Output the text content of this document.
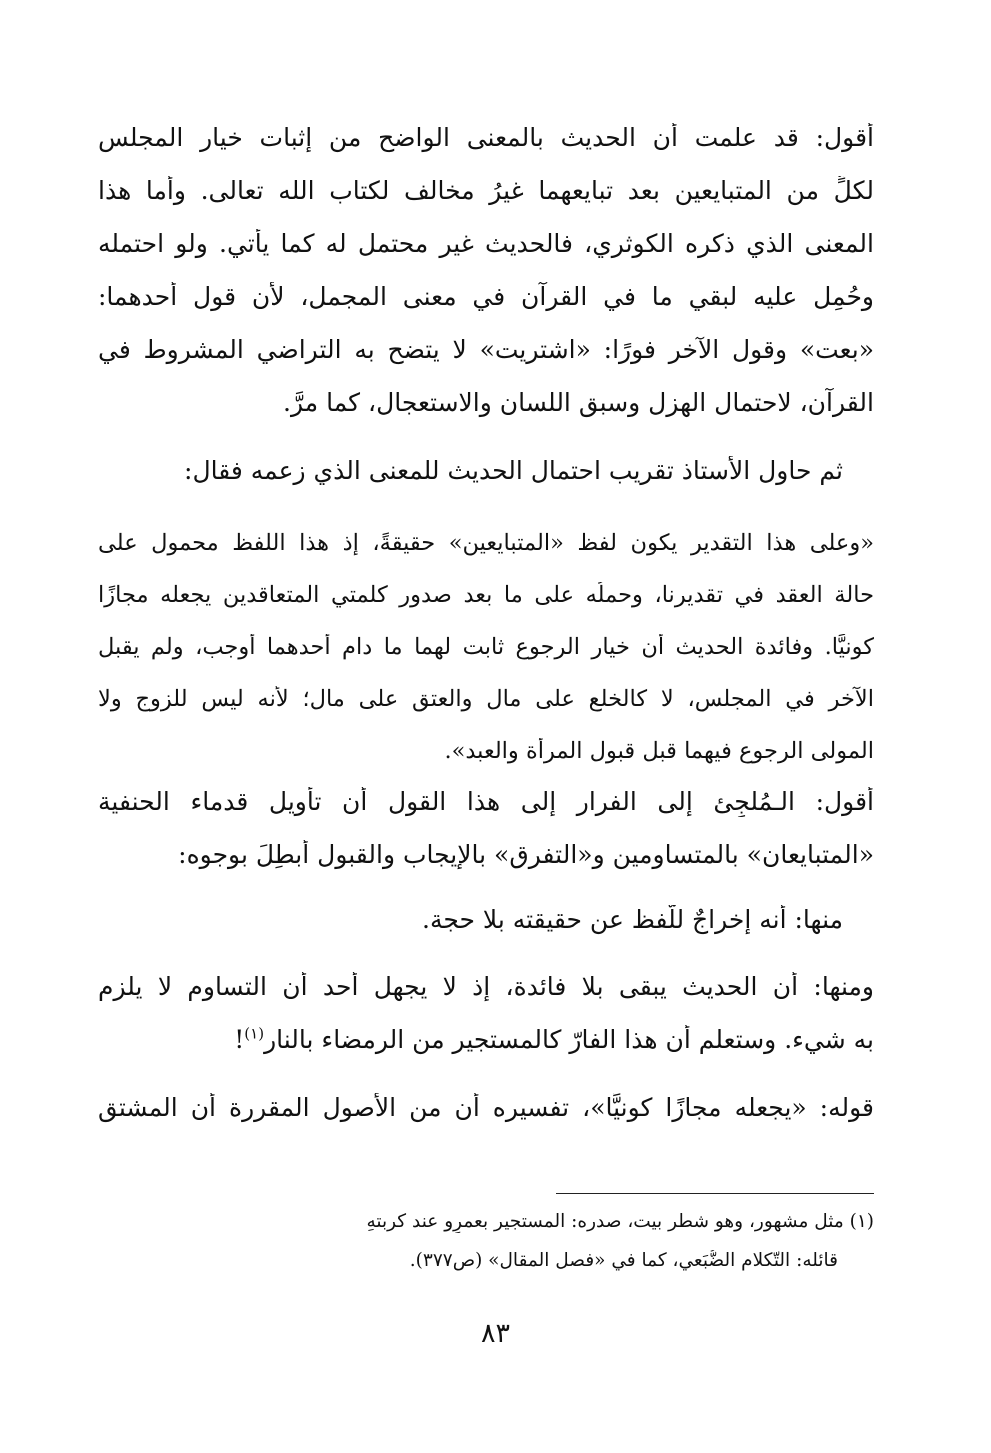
أقول: قد علمت أن الحديث بالمعنى الواضح من إثبات خيار المجلس
لكلٍّ من المتبايعين بعد تبايعهما غيرُ مخالف لكتاب الله تعالى. وأما هذا
المعنى الذي ذكره الكوثري، فالحديث غير محتمل له كما يأتي. ولو احتمله
وحُمِل عليه لبقي ما في القرآن في معنى المجمل، لأن قول أحدهما:
«بعت» وقول الآخر فورًا: «اشتريت» لا يتضح به التراضي المشروط في
القرآن، لاحتمال الهزل وسبق اللسان والاستعجال، كما مرَّ.
ثم حاول الأستاذ تقريب احتمال الحديث للمعنى الذي زعمه فقال:
«وعلى هذا التقدير يكون لفظ «المتبايعين» حقيقةً، إذ هذا اللفظ محمول على
حالة العقد في تقديرنا، وحملُه على ما بعد صدور كلمتي المتعاقدين يجعله مجازًا
كونيًّا. وفائدة الحديث أن خيار الرجوع ثابت لهما ما دام أحدهما أوجب، ولم يقبل
الآخر في المجلس، لا كالخلع على مال والعتق على مال؛ لأنه ليس للزوج ولا
المولى الرجوع فيهما قبل قبول المرأة والعبد».
أقول: الـمُلجِئ إلى الفرار إلى هذا القول أن تأويل قدماء الحنفية
«المتبايعان» بالمتساومين و«التفرق» بالإيجاب والقبول أُبطِلَ بوجوه:
منها: أنه إخراجٌ للَّفظ عن حقيقته بلا حجة.
ومنها: أن الحديث يبقى بلا فائدة، إذ لا يجهل أحد أن التساوم لا يلزم
به شيء. وستعلم أن هذا الفارّ كالمستجير من الرمضاء بالنار$^{(١)}$!
قوله: «يجعله مجازًا كونيًّا»، تفسيره أن من الأصول المقررة أن المشتق
(١) مثل مشهور، وهو شطر بيت، صدره: المستجير بعمرٍو عند كربتهِ
قائله: التّكلام الضُّبَعي، كما في «فصل المقال» (ص٣٧٧).
٨٣
